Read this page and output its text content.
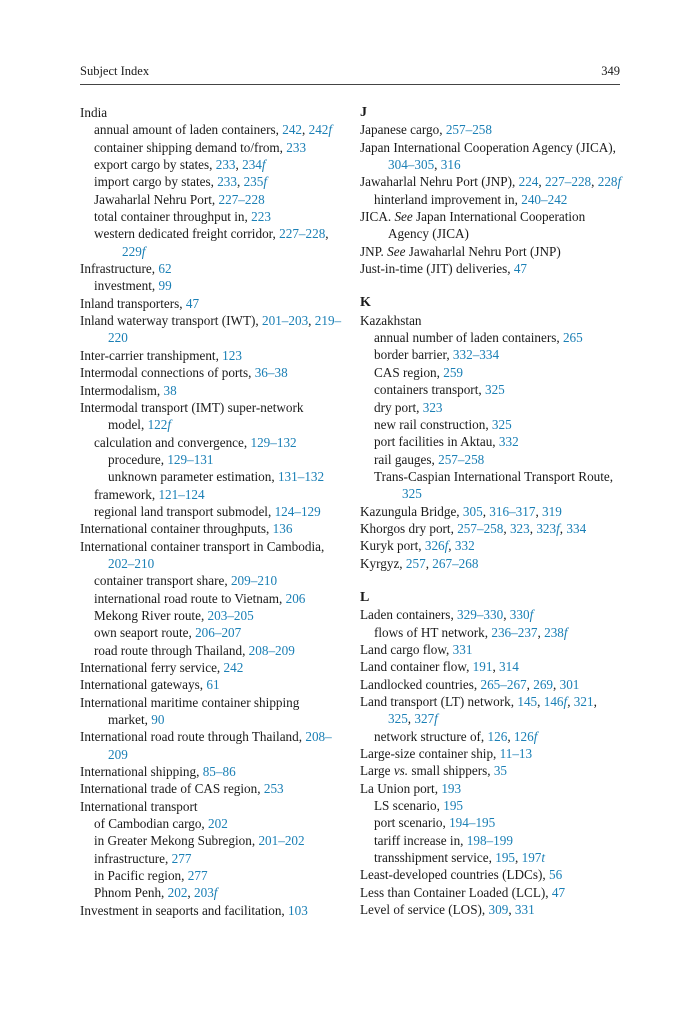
Subject Index	349
India
annual amount of laden containers, 242, 242f
container shipping demand to/from, 233
export cargo by states, 233, 234f
import cargo by states, 233, 235f
Jawaharlal Nehru Port, 227–228
total container throughput in, 223
western dedicated freight corridor, 227–228, 229f
Infrastructure, 62
investment, 99
Inland transporters, 47
Inland waterway transport (IWT), 201–203, 219–220
Inter-carrier transhipment, 123
Intermodal connections of ports, 36–38
Intermodalism, 38
Intermodal transport (IMT) super-network model, 122f
calculation and convergence, 129–132
procedure, 129–131
unknown parameter estimation, 131–132
framework, 121–124
regional land transport submodel, 124–129
International container throughputs, 136
International container transport in Cambodia, 202–210
container transport share, 209–210
international road route to Vietnam, 206
Mekong River route, 203–205
own seaport route, 206–207
road route through Thailand, 208–209
International ferry service, 242
International gateways, 61
International maritime container shipping market, 90
International road route through Thailand, 208–209
International shipping, 85–86
International trade of CAS region, 253
International transport
of Cambodian cargo, 202
in Greater Mekong Subregion, 201–202
infrastructure, 277
in Pacific region, 277
Phnom Penh, 202, 203f
Investment in seaports and facilitation, 103
J
Japanese cargo, 257–258
Japan International Cooperation Agency (JICA), 304–305, 316
Jawaharlal Nehru Port (JNP), 224, 227–228, 228f
hinterland improvement in, 240–242
JICA. See Japan International Cooperation Agency (JICA)
JNP. See Jawaharlal Nehru Port (JNP)
Just-in-time (JIT) deliveries, 47
K
Kazakhstan
annual number of laden containers, 265
border barrier, 332–334
CAS region, 259
containers transport, 325
dry port, 323
new rail construction, 325
port facilities in Aktau, 332
rail gauges, 257–258
Trans-Caspian International Transport Route, 325
Kazungula Bridge, 305, 316–317, 319
Khorgos dry port, 257–258, 323, 323f, 334
Kuryk port, 326f, 332
Kyrgyz, 257, 267–268
L
Laden containers, 329–330, 330f
flows of HT network, 236–237, 238f
Land cargo flow, 331
Land container flow, 191, 314
Landlocked countries, 265–267, 269, 301
Land transport (LT) network, 145, 146f, 321, 325, 327f
network structure of, 126, 126f
Large-size container ship, 11–13
Large vs. small shippers, 35
La Union port, 193
LS scenario, 195
port scenario, 194–195
tariff increase in, 198–199
transshipment service, 195, 197t
Least-developed countries (LDCs), 56
Less than Container Loaded (LCL), 47
Level of service (LOS), 309, 331
